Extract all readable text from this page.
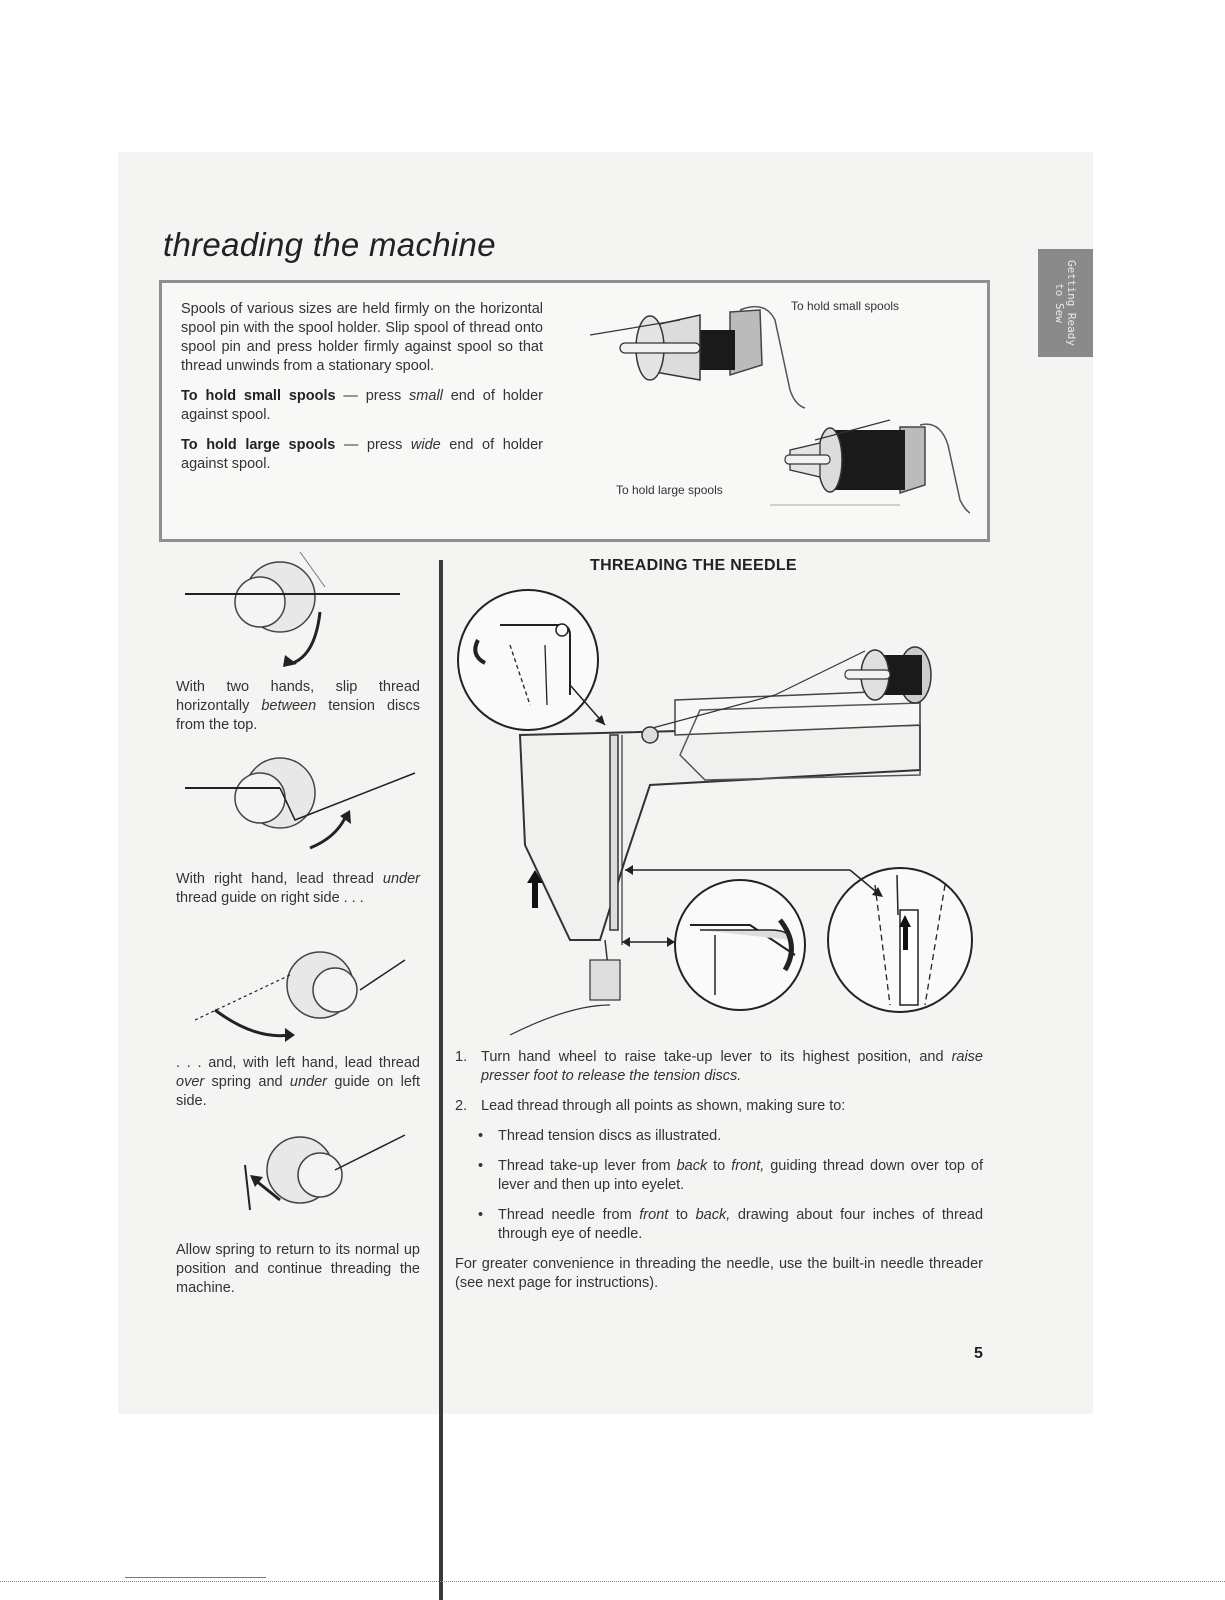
threading the machine
Getting Ready
to Sew

Spools of various sizes are held firmly on the horizontal spool pin with the spool holder. Slip spool of thread onto spool pin and press holder firmly against spool so that thread unwinds from a stationary spool.

To hold small spools — press small end of holder against spool.

To hold large spools — press wide end of holder against spool.

To hold small spools
To hold large spools
With two hands, slip thread horizontally between tension discs from the top.
With right hand, lead thread under thread guide on right side . . .
. . . and, with left hand, lead thread over spring and under guide on left side.
Allow spring to return to its normal up position and continue threading the machine.
THREADING THE NEEDLE
1. Turn hand wheel to raise take-up lever to its highest position, and raise presser foot to release the tension discs.
2. Lead thread through all points as shown, making sure to:
• Thread tension discs as illustrated.
• Thread take-up lever from back to front, guiding thread down over top of lever and then up into eyelet.
• Thread needle from front to back, drawing about four inches of thread through eye of needle.
For greater convenience in threading the needle, use the built-in needle threader (see next page for instructions).
5
